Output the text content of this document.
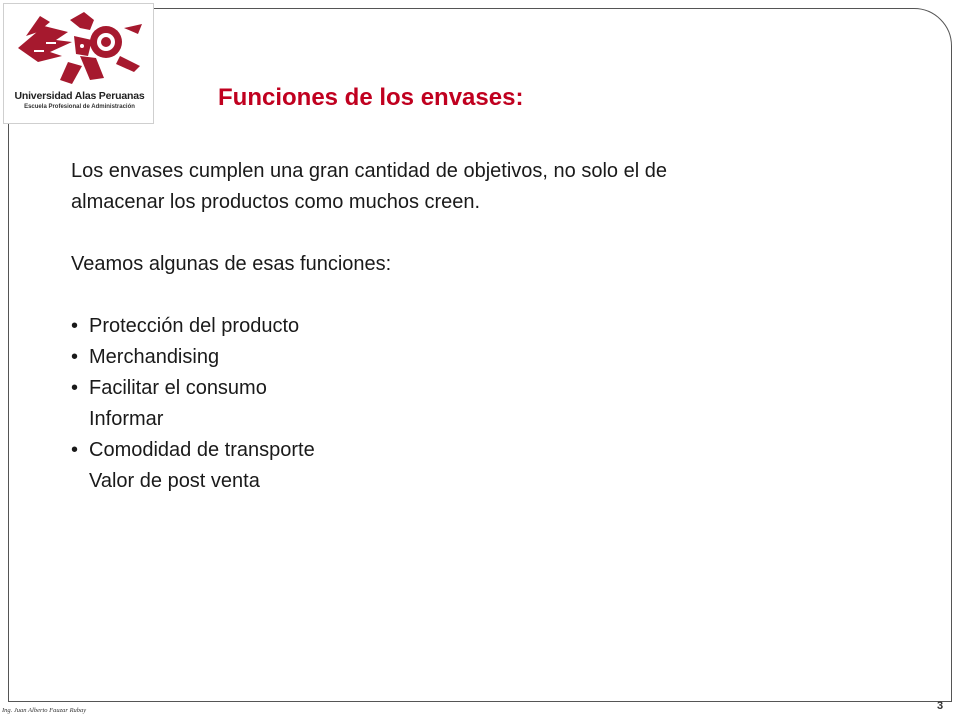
Universidad Alas Peruanas
Escuela Profesional de Administración	Funciones de los envases:

Los envases cumplen una gran cantidad de objetivos, no solo el de

almacenar los productos como muchos creen.

Veamos algunas de esas funciones:

• Protección del producto
• Merchandising
• Facilitar el consumo
Informar
• Comodidad de transporte
Valor de post venta
Ing. Juan Alberto Fauzar Rubay	3
